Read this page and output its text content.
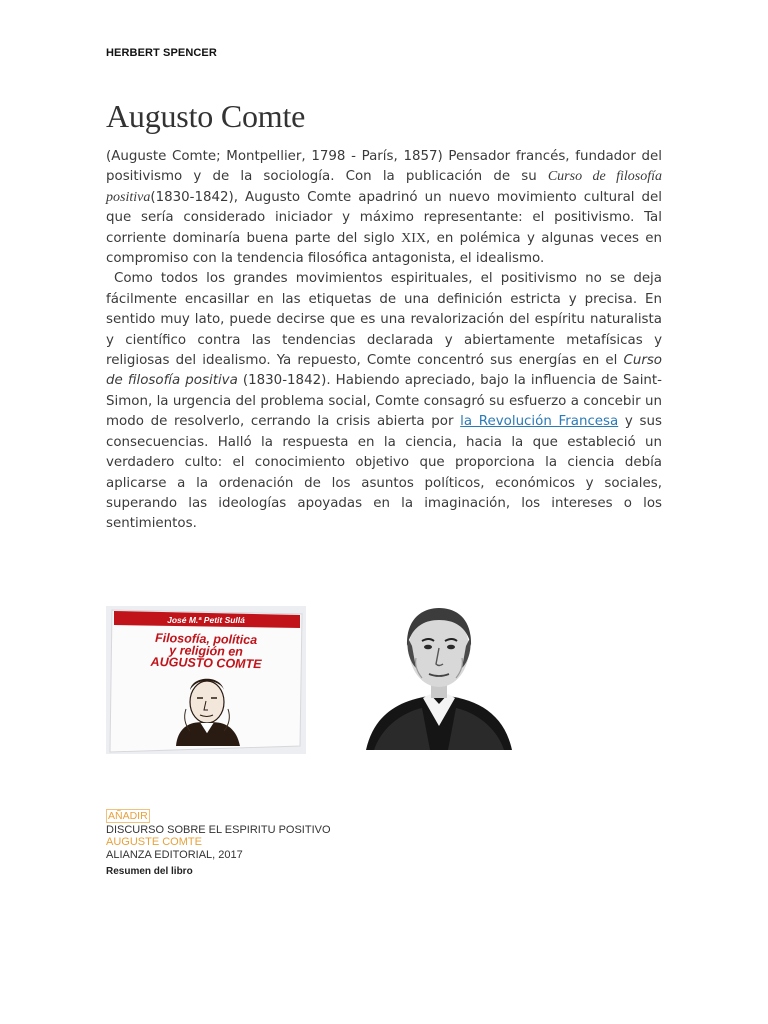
HERBERT SPENCER
Augusto Comte

(Auguste Comte; Montpellier, 1798 - París, 1857) Pensador francés, fundador del positivismo y de la sociología. Con la publicación de su Curso de filosofía positiva(1830-1842), Augusto Comte apadrinó un nuevo movimiento cultural del que sería considerado iniciador y máximo representante: el positivismo. Tal corriente dominaría buena parte del siglo XIX, en polémica y algunas veces en compromiso con la tendencia filosófica antagonista, el idealismo.

Como todos los grandes movimientos espirituales, el positivismo no se deja fácilmente encasillar en las etiquetas de una definición estricta y precisa. En sentido muy lato, puede decirse que es una revalorización del espíritu naturalista y científico contra las tendencias declarada y abiertamente metafísicas y religiosas del idealismo. Ya repuesto, Comte concentró sus energías en el Curso de filosofía positiva (1830-1842). Habiendo apreciado, bajo la influencia de Saint-Simon, la urgencia del problema social, Comte consagró su esfuerzo a concebir un modo de resolverlo, cerrando la crisis abierta por la Revolución Francesa y sus consecuencias. Halló la respuesta en la ciencia, hacia la que estableció un verdadero culto: el conocimiento objetivo que proporciona la ciencia debía aplicarse a la ordenación de los asuntos políticos, económicos y sociales, superando las ideologías apoyadas en la imaginación, los intereses o los sentimientos.

José M.ª Petit Sullá
Filosofía, política
y religión en
AUGUSTO COMTE
AÑADIR
DISCURSO SOBRE EL ESPIRITU POSITIVO
AUGUSTE COMTE
ALIANZA EDITORIAL, 2017
Resumen del libro
